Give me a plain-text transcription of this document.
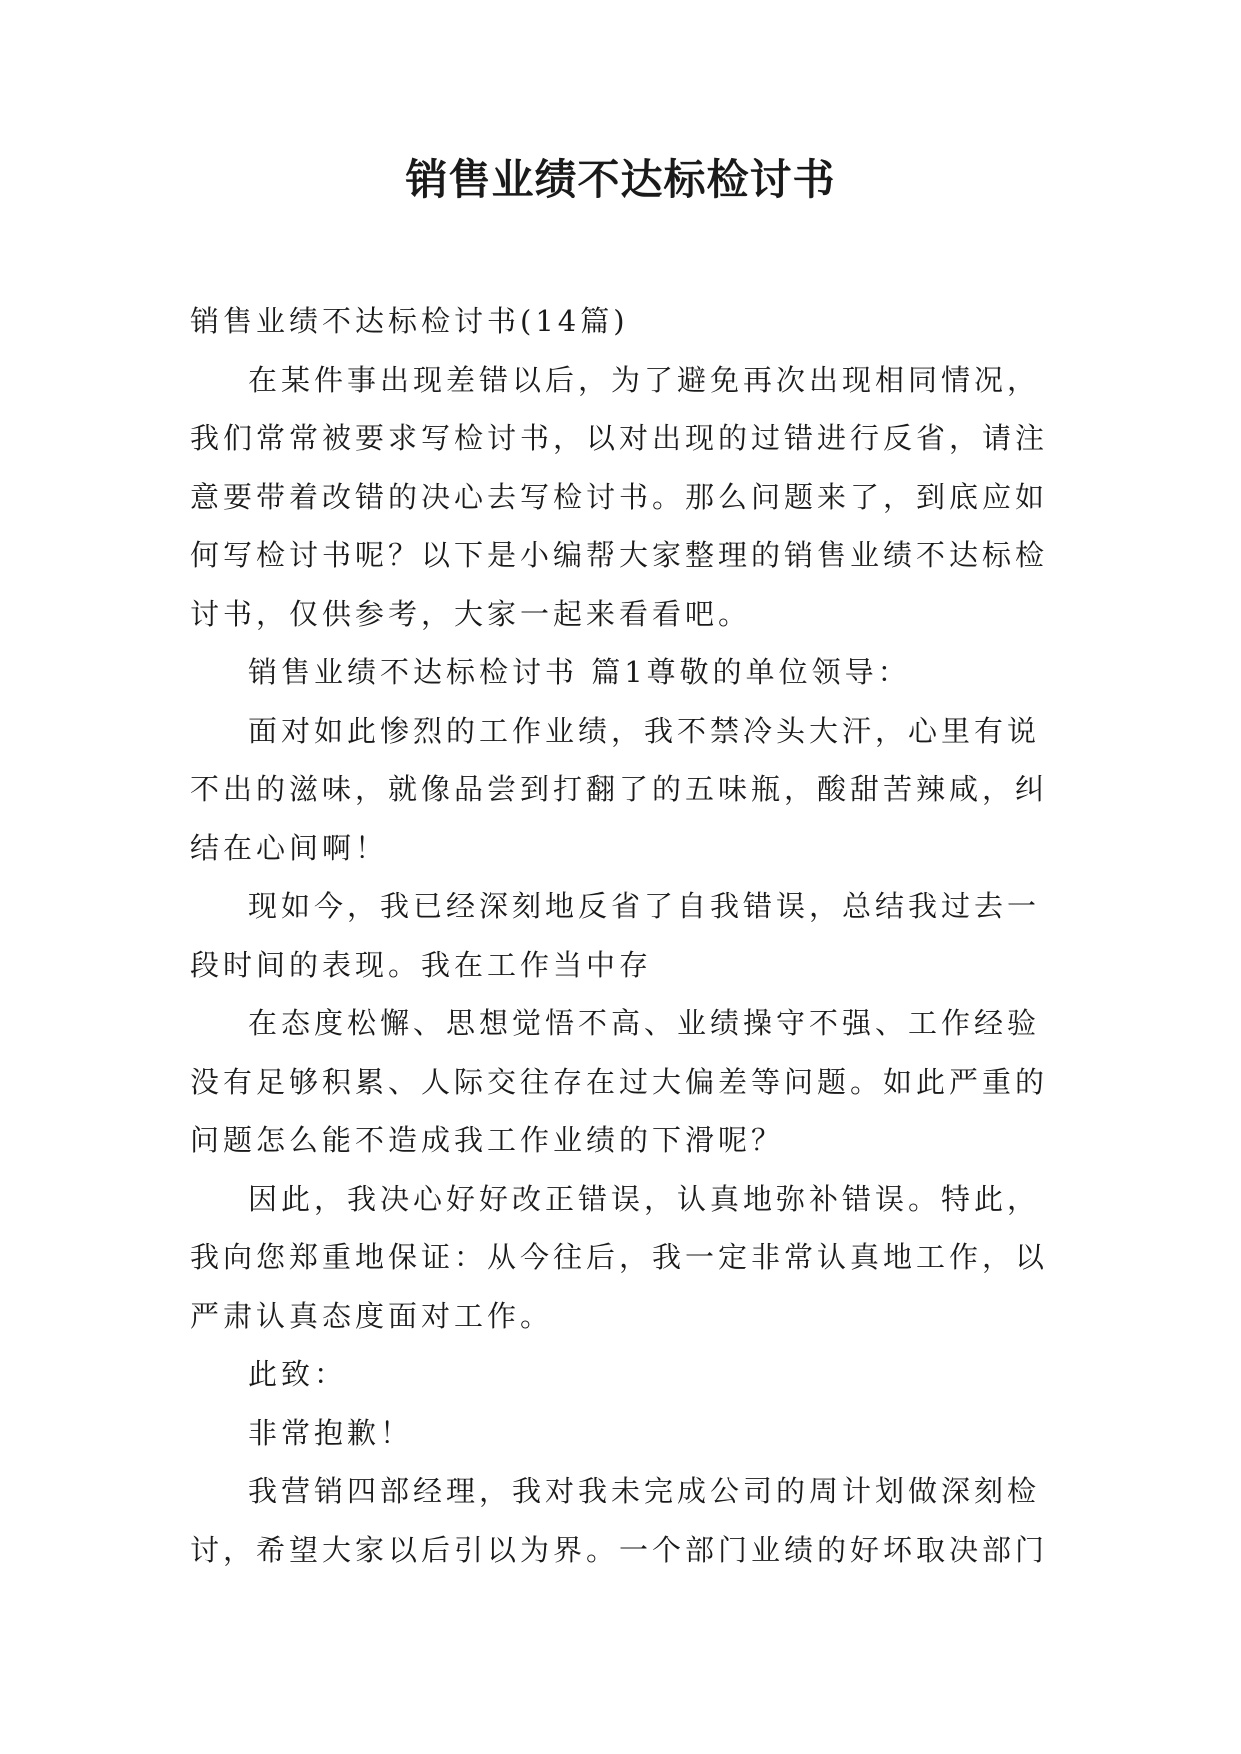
销售业绩不达标检讨书

销售业绩不达标检讨书(14篇)

在某件事出现差错以后，为了避免再次出现相同情况，我们常常被要求写检讨书，以对出现的过错进行反省，请注意要带着改错的决心去写检讨书。那么问题来了，到底应如何写检讨书呢？以下是小编帮大家整理的销售业绩不达标检讨书，仅供参考，大家一起来看看吧。

销售业绩不达标检讨书 篇1尊敬的单位领导：

面对如此惨烈的工作业绩，我不禁冷头大汗，心里有说不出的滋味，就像品尝到打翻了的五味瓶，酸甜苦辣咸，纠结在心间啊！

现如今，我已经深刻地反省了自我错误，总结我过去一段时间的表现。我在工作当中存

在态度松懈、思想觉悟不高、业绩操守不强、工作经验没有足够积累、人际交往存在过大偏差等问题。如此严重的问题怎么能不造成我工作业绩的下滑呢？

因此，我决心好好改正错误，认真地弥补错误。特此，我向您郑重地保证：从今往后，我一定非常认真地工作，以严肃认真态度面对工作。

此致：

非常抱歉！

我营销四部经理，我对我未完成公司的周计划做深刻检讨，希望大家以后引以为界。一个部门业绩的好坏取决部门
